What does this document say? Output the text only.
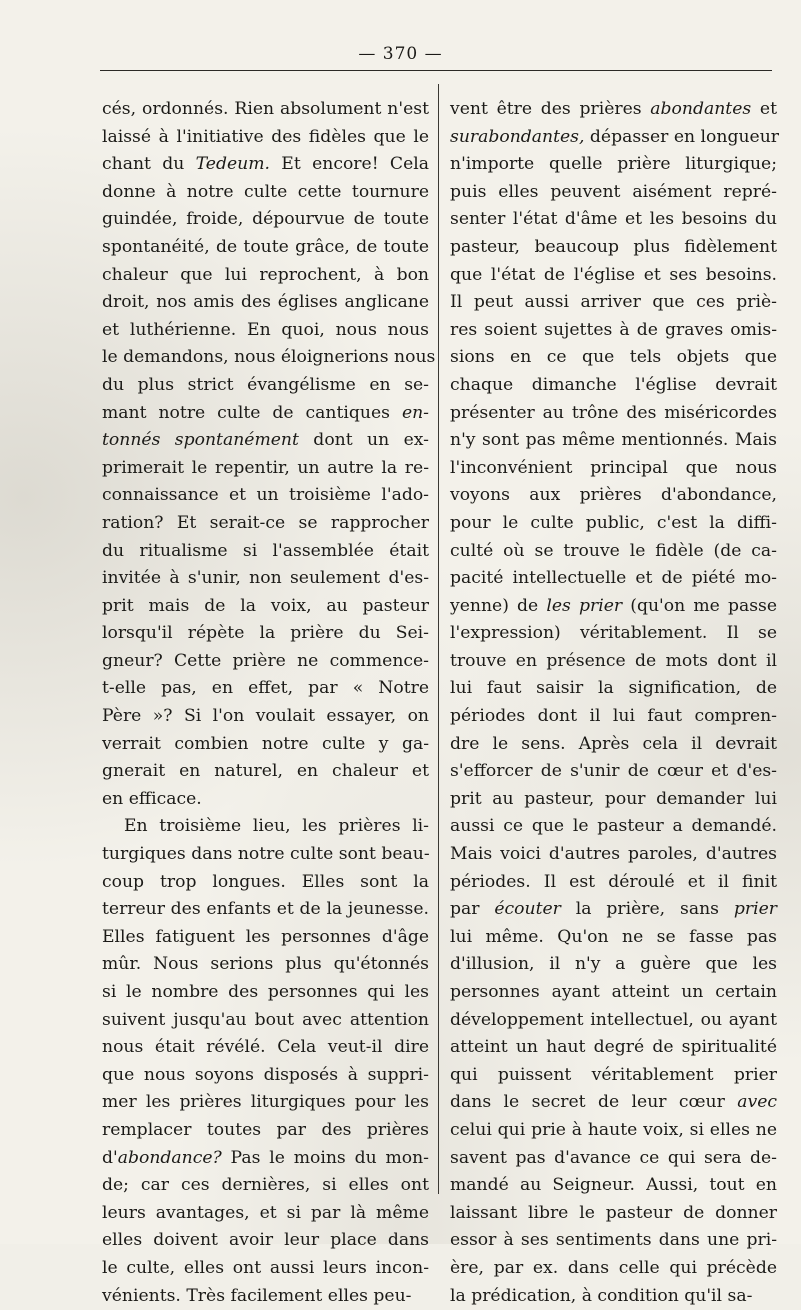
— 370 —
cés, ordonnés. Rien absolument n'est
laissé à l'initiative des fidèles que le
chant du Tedeum. Et encore! Cela
donne à notre culte cette tournure
guindée, froide, dépourvue de toute
spontanéité, de toute grâce, de toute
chaleur que lui reprochent, à bon
droit, nos amis des églises anglicane
et luthérienne. En quoi, nous nous
le demandons, nous éloignerions nous
du plus strict évangélisme en se-
mant notre culte de cantiques en-
tonnés spontanément dont un ex-
primerait le repentir, un autre la re-
connaissance et un troisième l'ado-
ration? Et serait-ce se rapprocher
du ritualisme si l'assemblée était
invitée à s'unir, non seulement d'es-
prit mais de la voix, au pasteur
lorsqu'il répète la prière du Sei-
gneur? Cette prière ne commence-
t-elle pas, en effet, par « Notre
Père »? Si l'on voulait essayer, on
verrait combien notre culte y ga-
gnerait en naturel, en chaleur et
en efficace.
En troisième lieu, les prières li-
turgiques dans notre culte sont beau-
coup trop longues. Elles sont la
terreur des enfants et de la jeunesse.
Elles fatiguent les personnes d'âge
mûr. Nous serions plus qu'étonnés
si le nombre des personnes qui les
suivent jusqu'au bout avec attention
nous était révélé. Cela veut-il dire
que nous soyons disposés à suppri-
mer les prières liturgiques pour les
remplacer toutes par des prières
d'abondance? Pas le moins du mon-
de; car ces dernières, si elles ont
leurs avantages, et si par là même
elles doivent avoir leur place dans
le culte, elles ont aussi leurs incon-
vénients. Très facilement elles peu-
vent être des prières abondantes et
surabondantes, dépasser en longueur
n'importe quelle prière liturgique;
puis elles peuvent aisément repré-
senter l'état d'âme et les besoins du
pasteur, beaucoup plus fidèlement
que l'état de l'église et ses besoins.
Il peut aussi arriver que ces priè-
res soient sujettes à de graves omis-
sions en ce que tels objets que
chaque dimanche l'église devrait
présenter au trône des miséricordes
n'y sont pas même mentionnés. Mais
l'inconvénient principal que nous
voyons aux prières d'abondance,
pour le culte public, c'est la diffi-
culté où se trouve le fidèle (de ca-
pacité intellectuelle et de piété mo-
yenne) de les prier (qu'on me passe
l'expression) véritablement. Il se
trouve en présence de mots dont il
lui faut saisir la signification, de
périodes dont il lui faut compren-
dre le sens. Après cela il devrait
s'efforcer de s'unir de cœur et d'es-
prit au pasteur, pour demander lui
aussi ce que le pasteur a demandé.
Mais voici d'autres paroles, d'autres
périodes. Il est déroulé et il finit
par écouter la prière, sans prier
lui même. Qu'on ne se fasse pas
d'illusion, il n'y a guère que les
personnes ayant atteint un certain
développement intellectuel, ou ayant
atteint un haut degré de spiritualité
qui puissent véritablement prier
dans le secret de leur cœur avec
celui qui prie à haute voix, si elles ne
savent pas d'avance ce qui sera de-
mandé au Seigneur. Aussi, tout en
laissant libre le pasteur de donner
essor à ses sentiments dans une pri-
ère, par ex. dans celle qui précède
la prédication, à condition qu'il sa-
